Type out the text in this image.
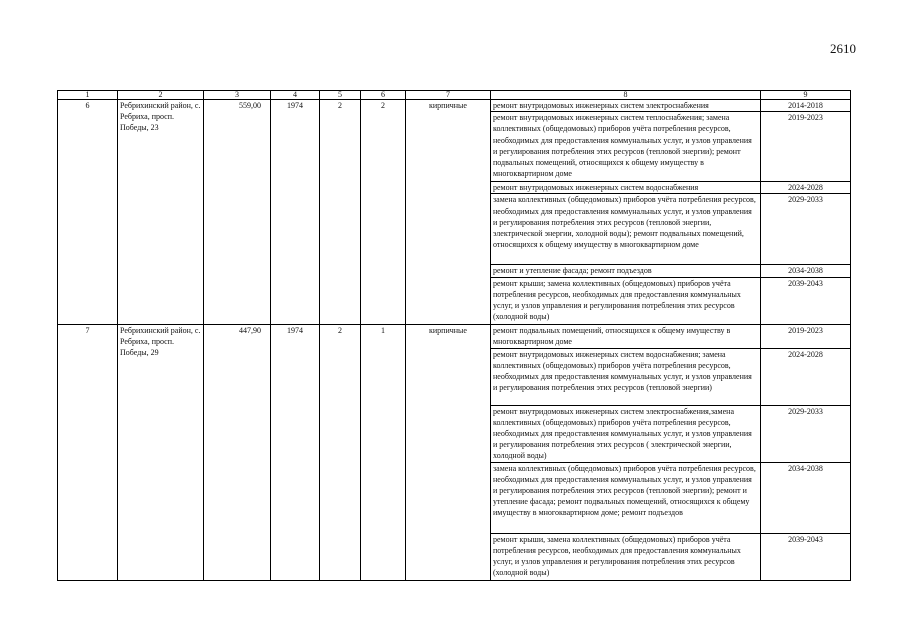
2610
1	2	3	4	5	6	7	8	9
6	Ребрихинский район, с. Ребриха, просп. Победы, 23	559,00	1974	2	2	кирпичные	ремонт внутридомовых инженерных систем электроснабжения	2014-2018
							ремонт внутридомовых инженерных систем теплоснабжения; замена коллективных (общедомовых) приборов учёта потребления ресурсов, необходимых для предоставления коммунальных услуг, и узлов управления и регулирования потребления этих ресурсов (тепловой энергии); ремонт подвальных помещений, относящихся к общему имуществу в многоквартирном доме	2019-2023
							ремонт внутридомовых инженерных систем водоснабжения	2024-2028
							замена коллективных (общедомовых) приборов учёта потребления ресурсов, необходимых для предоставления коммунальных услуг, и узлов управления и регулирования потребления этих ресурсов (тепловой энергии, электрической энергии, холодной воды); ремонт подвальных помещений, относящихся к общему имуществу в многоквартирном доме	2029-2033
							ремонт и утепление фасада; ремонт подъездов	2034-2038
							ремонт крыши; замена коллективных (общедомовых) приборов учёта потребления ресурсов, необходимых для предоставления коммунальных услуг, и узлов управления и регулирования потребления этих ресурсов (холодной воды)	2039-2043
7	Ребрихинский район, с. Ребриха, просп. Победы, 29	447,90	1974	2	1	кирпичные	ремонт подвальных помещений, относящихся к общему имуществу в многоквартирном доме	2019-2023
							ремонт внутридомовых инженерных систем водоснабжения; замена коллективных (общедомовых) приборов учёта потребления ресурсов, необходимых для предоставления коммунальных услуг, и узлов управления и регулирования потребления этих ресурсов (тепловой энергии)	2024-2028
							ремонт внутридомовых инженерных систем электроснабжения,замена коллективных (общедомовых) приборов учёта потребления ресурсов, необходимых для предоставления коммунальных услуг, и узлов управления и регулирования потребления этих ресурсов ( электрической энергии, холодной воды)	2029-2033
							замена коллективных (общедомовых) приборов учёта потребления ресурсов, необходимых для предоставления коммунальных услуг, и узлов управления и регулирования потребления этих ресурсов (тепловой энергии); ремонт и утепление фасада; ремонт подвальных помещений, относящихся к общему имуществу в многоквартирном доме; ремонт подъездов	2034-2038
							ремонт крыши, замена коллективных (общедомовых) приборов учёта потребления ресурсов, необходимых для предоставления коммунальных услуг, и узлов управления и регулирования потребления этих ресурсов (холодной воды)	2039-2043
